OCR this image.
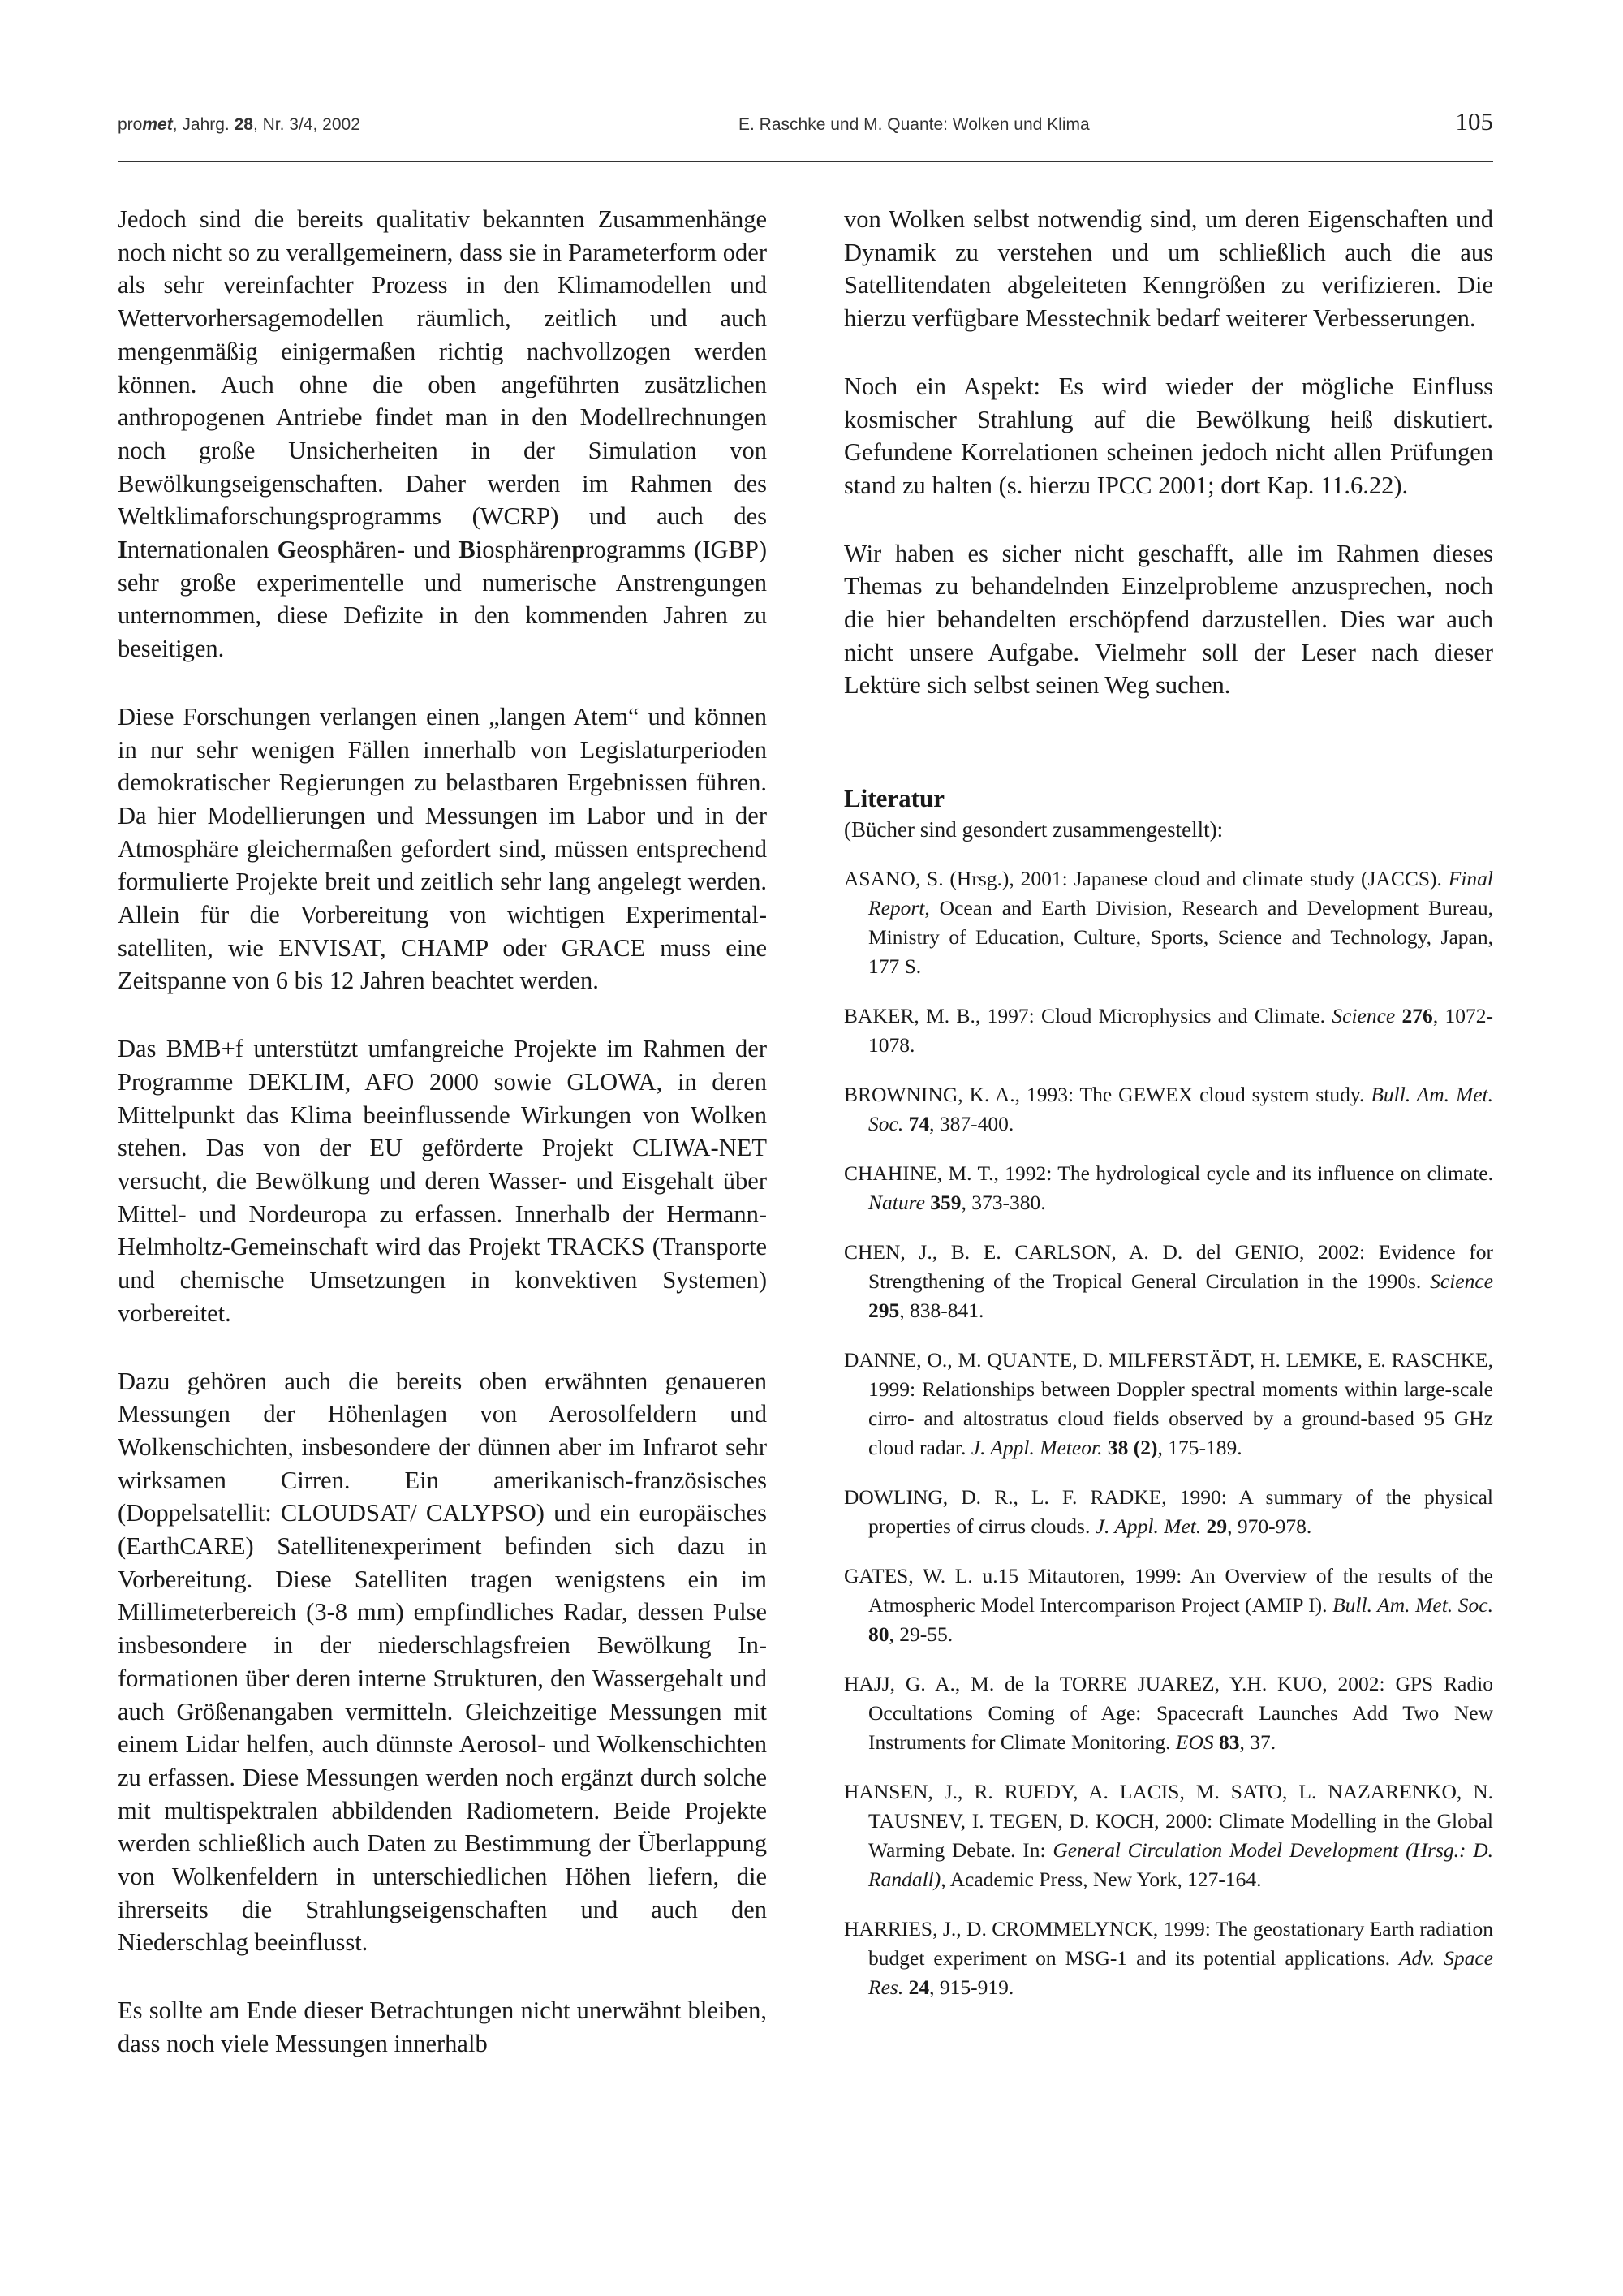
promet, Jahrg. 28, Nr. 3/4, 2002	E. Raschke und M. Quante: Wolken und Klima	105

Jedoch sind die bereits qualitativ bekannten Zusammenhänge noch nicht so zu verallgemeinern, dass sie in Parameterform oder als sehr vereinfachter Prozess in den Klimamodellen und Wettervorhersagemodellen räumlich, zeitlich und auch mengenmäßig einigermaßen richtig nachvollzogen werden können. Auch ohne die oben angeführten zusätzlichen anthropogenen Antriebe findet man in den Modellrechnungen noch große Unsicherheiten in der Simulation von Bewölkungseigenschaften. Daher werden im Rahmen des Weltklimaforschungsprogramms (WCRP) und auch des Internationalen Geosphären- und Biosphärenprogramms (IGBP) sehr große experimentelle und numerische Anstrengungen unternommen, diese Defizite in den kommenden Jahren zu beseitigen.

Diese Forschungen verlangen einen „langen Atem“ und können in nur sehr wenigen Fällen innerhalb von Legislaturperioden demokratischer Regierungen zu belastbaren Ergebnissen führen. Da hier Modellierungen und Messungen im Labor und in der Atmosphäre gleichermaßen gefordert sind, müssen entsprechend formulierte Projekte breit und zeitlich sehr lang angelegt werden. Allein für die Vorbereitung von wichtigen Experimentalsatelliten, wie ENVISAT, CHAMP oder GRACE muss eine Zeitspanne von 6 bis 12 Jahren beachtet werden.

Das BMB+f unterstützt umfangreiche Projekte im Rahmen der Programme DEKLIM, AFO 2000 sowie GLOWA, in deren Mittelpunkt das Klima beeinflussende Wirkungen von Wolken stehen. Das von der EU geförderte Projekt CLIWA-NET versucht, die Bewölkung und deren Wasser- und Eisgehalt über Mittel- und Nordeuropa zu erfassen. Innerhalb der Hermann-Helmholtz-Gemeinschaft wird das Projekt TRACKS (Transporte und chemische Umsetzungen in konvektiven Systemen) vorbereitet.

Dazu gehören auch die bereits oben erwähnten genaueren Messungen der Höhenlagen von Aerosolfeldern und Wolkenschichten, insbesondere der dünnen aber im Infrarot sehr wirksamen Cirren. Ein amerikanisch-französisches (Doppelsatellit: CLOUDSAT/ CALYPSO) und ein europäisches (EarthCARE) Satellitenexperiment befinden sich dazu in Vorbereitung. Diese Satelliten tragen wenigstens ein im Millimeterbereich (3-8 mm) empfindliches Radar, dessen Pulse insbesondere in der niederschlagsfreien Bewölkung Informationen über deren interne Strukturen, den Wassergehalt und auch Größenangaben vermitteln. Gleichzeitige Messungen mit einem Lidar helfen, auch dünnste Aerosol- und Wolkenschichten zu erfassen. Diese Messungen werden noch ergänzt durch solche mit multispektralen abbildenden Radiometern. Beide Projekte werden schließlich auch Daten zu Bestimmung der Überlappung von Wolkenfeldern in unterschiedlichen Höhen liefern, die ihrerseits die Strahlungseigenschaften und auch den Niederschlag beeinflusst.

Es sollte am Ende dieser Betrachtungen nicht unerwähnt bleiben, dass noch viele Messungen innerhalb

von Wolken selbst notwendig sind, um deren Eigenschaften und Dynamik zu verstehen und um schließlich auch die aus Satellitendaten abgeleiteten Kenngrößen zu verifizieren. Die hierzu verfügbare Messtechnik bedarf weiterer Verbesserungen.

Noch ein Aspekt: Es wird wieder der mögliche Einfluss kosmischer Strahlung auf die Bewölkung heiß diskutiert. Gefundene Korrelationen scheinen jedoch nicht allen Prüfungen stand zu halten (s. hierzu IPCC 2001; dort Kap. 11.6.22).

Wir haben es sicher nicht geschafft, alle im Rahmen dieses Themas zu behandelnden Einzelprobleme anzusprechen, noch die hier behandelten erschöpfend darzustellen. Dies war auch nicht unsere Aufgabe. Vielmehr soll der Leser nach dieser Lektüre sich selbst seinen Weg suchen.

Literatur

(Bücher sind gesondert zusammengestellt):

ASANO, S. (Hrsg.), 2001: Japanese cloud and climate study (JACCS). Final Report, Ocean and Earth Division, Research and Development Bureau, Ministry of Education, Culture, Sports, Science and Technology, Japan, 177 S.

BAKER, M. B., 1997: Cloud Microphysics and Climate. Science 276, 1072-1078.

BROWNING, K. A., 1993: The GEWEX cloud system study. Bull. Am. Met. Soc. 74, 387-400.

CHAHINE, M. T., 1992: The hydrological cycle and its influence on climate. Nature 359, 373-380.

CHEN, J., B. E. CARLSON, A. D. del GENIO, 2002: Evidence for Strengthening of the Tropical General Circulation in the 1990s. Science 295, 838-841.

DANNE, O., M. QUANTE, D. MILFERSTÄDT, H. LEMKE, E. RASCHKE, 1999: Relationships between Doppler spectral moments within large-scale cirro- and altostratus cloud fields observed by a ground-based 95 GHz cloud radar. J. Appl. Meteor. 38 (2), 175-189.

DOWLING, D. R., L. F. RADKE, 1990: A summary of the physical properties of cirrus clouds. J. Appl. Met. 29, 970-978.

GATES, W. L. u.15 Mitautoren, 1999: An Overview of the results of the Atmospheric Model Intercomparison Project (AMIP I). Bull. Am. Met. Soc. 80, 29-55.

HAJJ, G. A., M. de la TORRE JUAREZ, Y.H. KUO, 2002: GPS Radio Occultations Coming of Age: Spacecraft Launches Add Two New Instruments for Climate Monitoring. EOS 83, 37.

HANSEN, J., R. RUEDY, A. LACIS, M. SATO, L. NAZARENKO, N. TAUSNEV, I. TEGEN, D. KOCH, 2000: Climate Modelling in the Global Warming Debate. In: General Circulation Model Development (Hrsg.: D. Randall), Academic Press, New York, 127-164.

HARRIES, J., D. CROMMELYNCK, 1999: The geostationary Earth radiation budget experiment on MSG-1 and its potential applications. Adv. Space Res. 24, 915-919.
